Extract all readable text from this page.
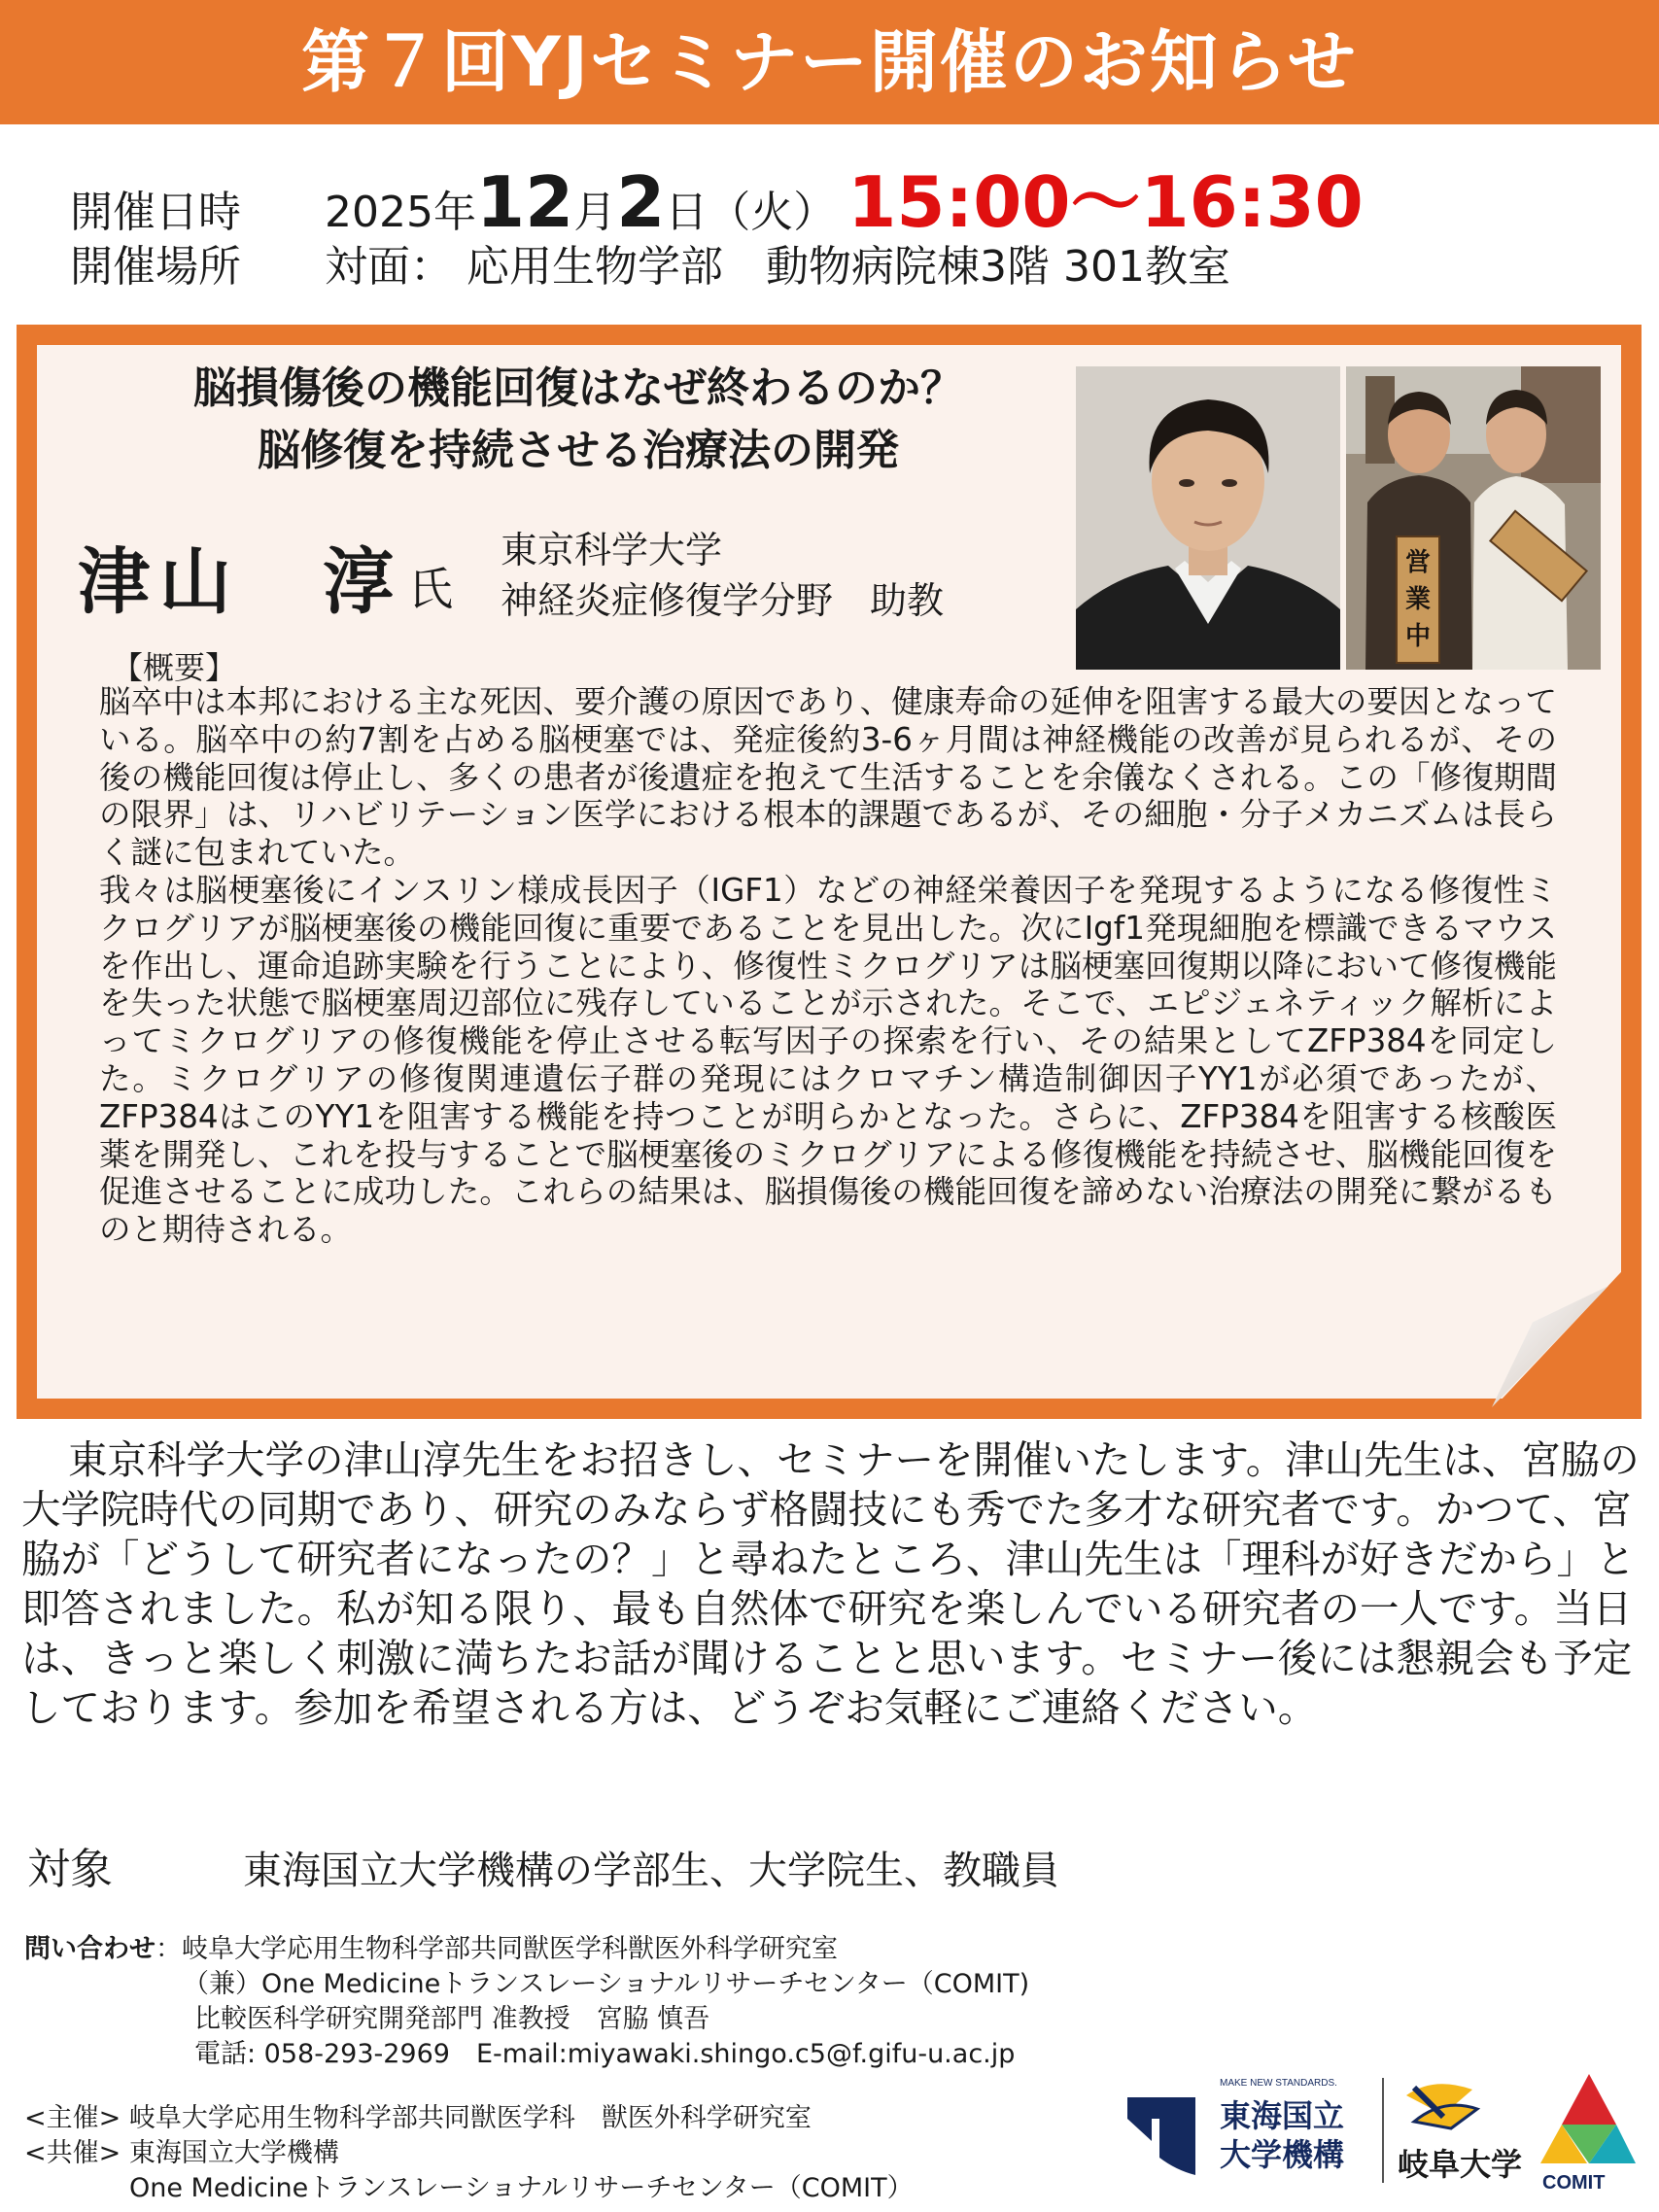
第７回YJセミナー開催のお知らせ
開催日時 2025年12月2日（火） 15:00～16:30
開催場所 対面： 応用生物学部　動物病院棟3階 301教室
脳損傷後の機能回復はなぜ終わるのか？
脳修復を持続させる治療法の開発
津山　淳 氏
東京科学大学
神経炎症修復学分野　助教
営
業
中
【概要】

脳卒中は本邦における主な死因、要介護の原因であり、健康寿命の延伸を阻害する最大の要因となっている。脳卒中の約7割を占める脳梗塞では、発症後約3-6ヶ月間は神経機能の改善が見られるが、その後の機能回復は停止し、多くの患者が後遺症を抱えて生活することを余儀なくされる。この「修復期間の限界」は、リハビリテーション医学における根本的課題であるが、その細胞・分子メカニズムは長らく謎に包まれていた。

我々は脳梗塞後にインスリン様成長因子（IGF1）などの神経栄養因子を発現するようになる修復性ミクログリアが脳梗塞後の機能回復に重要であることを見出した。次にIgf1発現細胞を標識できるマウスを作出し、運命追跡実験を行うことにより、修復性ミクログリアは脳梗塞回復期以降において修復機能を失った状態で脳梗塞周辺部位に残存していることが示された。そこで、エピジェネティック解析によってミクログリアの修復機能を停止させる転写因子の探索を行い、その結果としてZFP384を同定した。ミクログリアの修復関連遺伝子群の発現にはクロマチン構造制御因子YY1が必須であったが、ZFP384はこのYY1を阻害する機能を持つことが明らかとなった。さらに、ZFP384を阻害する核酸医薬を開発し、これを投与することで脳梗塞後のミクログリアによる修復機能を持続させ、脳機能回復を促進させることに成功した。これらの結果は、脳損傷後の機能回復を諦めない治療法の開発に繋がるものと期待される。

東京科学大学の津山淳先生をお招きし、セミナーを開催いたします。津山先生は、宮脇の大学院時代の同期であり、研究のみならず格闘技にも秀でた多才な研究者です。かつて、宮脇が「どうして研究者になったの？」と尋ねたところ、津山先生は「理科が好きだから」と即答されました。私が知る限り、最も自然体で研究を楽しんでいる研究者の一人です。当日は、きっと楽しく刺激に満ちたお話が聞けることと思います。セミナー後には懇親会も予定しております。参加を希望される方は、どうぞお気軽にご連絡ください。

対象	東海国立大学機構の学部生、大学院生、教職員
問い合わせ：岐阜大学応用生物科学部共同獣医学科獣医外科学研究室
（兼）One Medicineトランスレーショナルリサーチセンター（COMIT)
比較医科学研究開発部門 准教授　宮脇 慎吾
電話: 058-293-2969　E-mail:miyawaki.shingo.c5@f.gifu-u.ac.jp
<主催> 岐阜大学応用生物科学部共同獣医学科　獣医外科学研究室
<共催> 東海国立大学機構
One Medicineトランスレーショナルリサーチセンター（COMIT）
MAKE NEW STANDARDS.
東海国立
大学機構 岐阜大学 COMIT
